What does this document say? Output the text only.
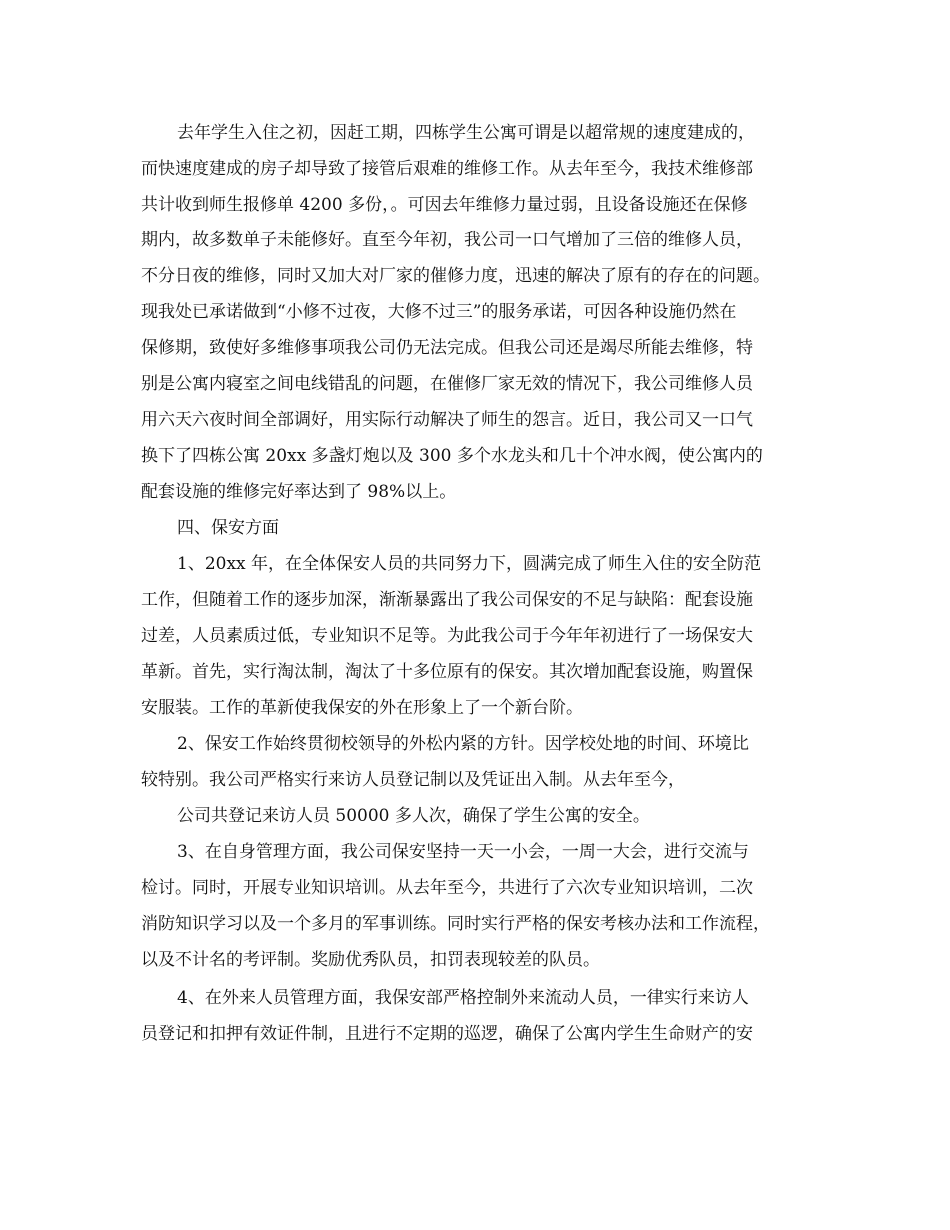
去年学生入住之初，因赶工期，四栋学生公寓可谓是以超常规的速度建成的，

而快速度建成的房子却导致了接管后艰难的维修工作。从去年至今，我技术维修部

共计收到师生报修单 4200 多份，。可因去年维修力量过弱，且设备设施还在保修

期内，故多数单子未能修好。直至今年初，我公司一口气增加了三倍的维修人员，

不分日夜的维修，同时又加大对厂家的催修力度，迅速的解决了原有的存在的问题。

现我处已承诺做到“小修不过夜，大修不过三”的服务承诺，可因各种设施仍然在

保修期，致使好多维修事项我公司仍无法完成。但我公司还是竭尽所能去维修，特

别是公寓内寝室之间电线错乱的问题，在催修厂家无效的情况下，我公司维修人员

用六天六夜时间全部调好，用实际行动解决了师生的怨言。近日，我公司又一口气

换下了四栋公寓 20xx 多盏灯炮以及 300 多个水龙头和几十个冲水阀，使公寓内的

配套设施的维修完好率达到了 98%以上。

四、保安方面

1、20xx 年，在全体保安人员的共同努力下，圆满完成了师生入住的安全防范

工作，但随着工作的逐步加深，渐渐暴露出了我公司保安的不足与缺陷：配套设施

过差，人员素质过低，专业知识不足等。为此我公司于今年年初进行了一场保安大

革新。首先，实行淘汰制，淘汰了十多位原有的保安。其次增加配套设施，购置保

安服装。工作的革新使我保安的外在形象上了一个新台阶。

2、保安工作始终贯彻校领导的外松内紧的方针。因学校处地的时间、环境比

较特别。我公司严格实行来访人员登记制以及凭证出入制。从去年至今，

公司共登记来访人员 50000 多人次，确保了学生公寓的安全。

3、在自身管理方面，我公司保安坚持一天一小会，一周一大会，进行交流与

检讨。同时，开展专业知识培训。从去年至今，共进行了六次专业知识培训，二次

消防知识学习以及一个多月的军事训练。同时实行严格的保安考核办法和工作流程，

以及不计名的考评制。奖励优秀队员，扣罚表现较差的队员。

4、在外来人员管理方面，我保安部严格控制外来流动人员，一律实行来访人

员登记和扣押有效证件制，且进行不定期的巡逻，确保了公寓内学生生命财产的安
